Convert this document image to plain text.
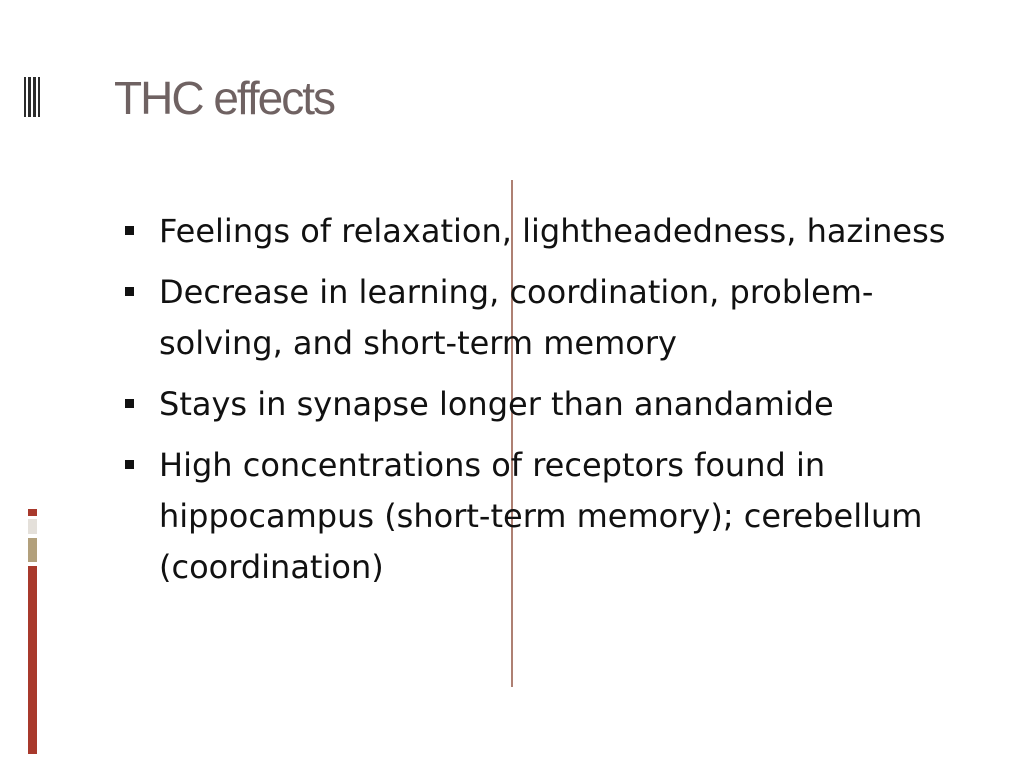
THC effects
Feelings of relaxation, lightheadedness, haziness
Decrease in learning, coordination, problem-solving, and short-term memory
Stays in synapse longer than anandamide
High concentrations of receptors found in hippocampus (short-term memory); cerebellum (coordination)
